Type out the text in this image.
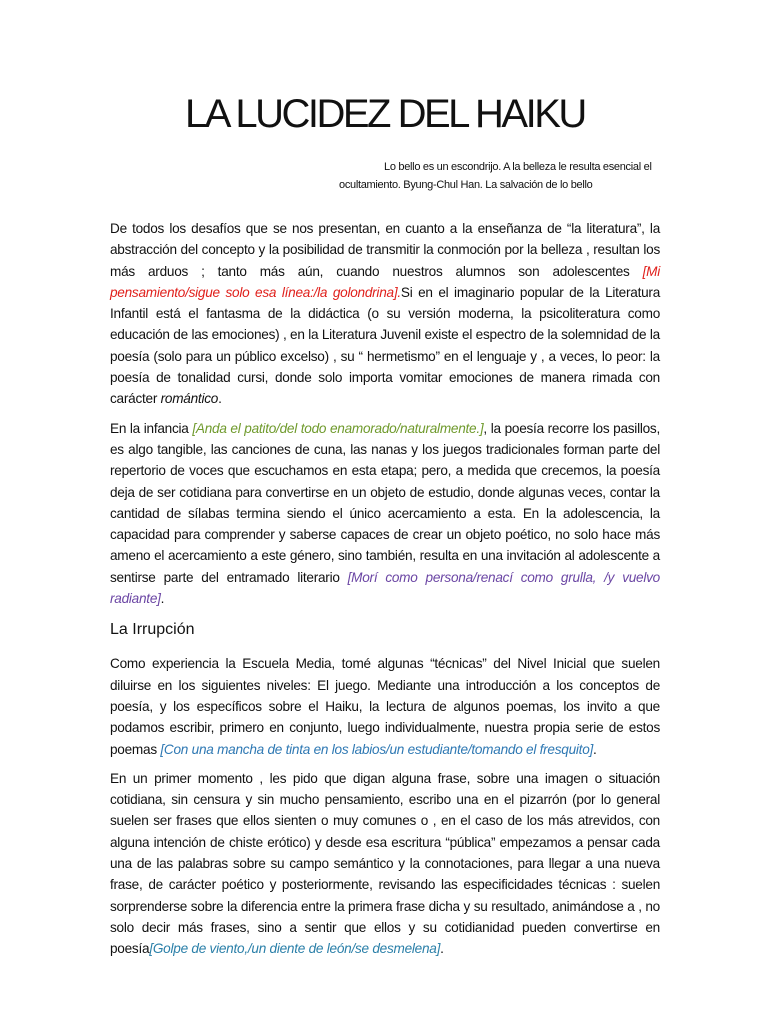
LA LUCIDEZ DEL HAIKU
Lo bello es un escondrijo. A la belleza le resulta esencial el ocultamiento. Byung-Chul Han. La salvación de lo bello

De todos los desafíos que se nos presentan, en cuanto a la enseñanza de “la literatura”, la abstracción del concepto y la posibilidad de transmitir la conmoción por la belleza , resultan los más arduos ; tanto más aún, cuando nuestros alumnos son adolescentes [Mi pensamiento/sigue solo esa línea:/la golondrina].Si en el imaginario popular de la Literatura Infantil está el fantasma de la didáctica (o su versión moderna, la psicoliteratura como educación de las emociones) , en la Literatura Juvenil existe el espectro de la solemnidad de la poesía (solo para un público excelso) , su “ hermetismo” en el lenguaje y , a veces, lo peor: la poesía de tonalidad cursi, donde solo importa vomitar emociones de manera rimada con carácter romántico.

En la infancia [Anda el patito/del todo enamorado/naturalmente.], la poesía recorre los pasillos, es algo tangible, las canciones de cuna, las nanas y los juegos tradicionales forman parte del repertorio de voces que escuchamos en esta etapa; pero, a medida que crecemos, la poesía deja de ser cotidiana para convertirse en un objeto de estudio, donde algunas veces, contar la cantidad de sílabas termina siendo el único acercamiento a esta. En la adolescencia, la capacidad para comprender y saberse capaces de crear un objeto poético, no solo hace más ameno el acercamiento a este género, sino también, resulta en una invitación al adolescente a sentirse parte del entramado literario [Morí como persona/renací como grulla, /y vuelvo radiante].

La Irrupción

Como experiencia la Escuela Media, tomé algunas “técnicas” del Nivel Inicial que suelen diluirse en los siguientes niveles: El juego. Mediante una introducción a los conceptos de poesía, y los específicos sobre el Haiku, la lectura de algunos poemas, los invito a que podamos escribir, primero en conjunto, luego individualmente, nuestra propia serie de estos poemas [Con una mancha de tinta en los labios/un estudiante/tomando el fresquito].

En un primer momento , les pido que digan alguna frase, sobre una imagen o situación cotidiana, sin censura y sin mucho pensamiento, escribo una en el pizarrón (por lo general suelen ser frases que ellos sienten o muy comunes o , en el caso de los más atrevidos, con alguna intención de chiste erótico) y desde esa escritura “pública” empezamos a pensar cada una de las palabras sobre su campo semántico y la connotaciones, para llegar a una nueva frase, de carácter poético y posteriormente, revisando las especificidades técnicas : suelen sorprenderse sobre la diferencia entre la primera frase dicha y su resultado, animándose a , no solo decir más frases, sino a sentir que ellos y su cotidianidad pueden convertirse en poesía[Golpe de viento,/un diente de león/se desmelena].
